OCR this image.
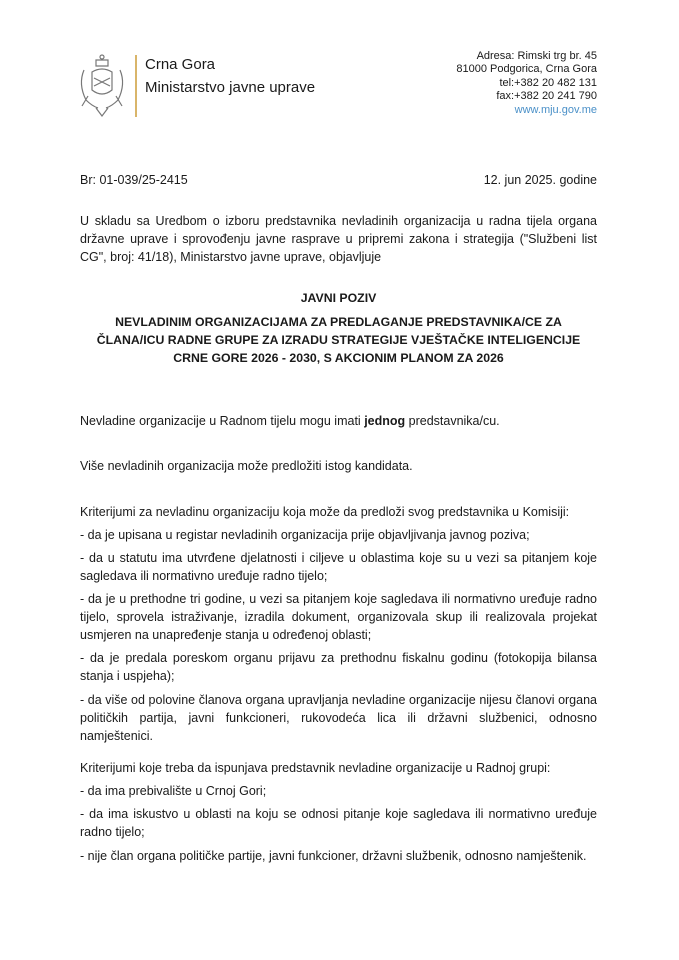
Crna Gora
Ministarstvo javne uprave
Adresa: Rimski trg br. 45
81000 Podgorica, Crna Gora
tel:+382 20 482 131
fax:+382 20 241 790
www.mju.gov.me
Br: 01-039/25-2415	12. jun 2025. godine

U skladu sa Uredbom o izboru predstavnika nevladinih organizacija u radna tijela organa državne uprave i sprovođenju javne rasprave u pripremi zakona i strategija ("Službeni list CG", broj: 41/18), Ministarstvo javne uprave, objavljuje

JAVNI POZIV
NEVLADINIM ORGANIZACIJAMA ZA PREDLAGANJE PREDSTAVNIKA/CE ZA ČLANA/ICU RADNE GRUPE ZA IZRADU STRATEGIJE VJEŠTAČKE INTELIGENCIJE CRNE GORE 2026 - 2030, S AKCIONIM PLANOM ZA 2026

Nevladine organizacije u Radnom tijelu mogu imati jednog predstavnika/cu.

Više nevladinih organizacija može predložiti istog kandidata.

Kriterijumi za nevladinu organizaciju koja može da predloži svog predstavnika u Komisiji:

- da je upisana u registar nevladinih organizacija prije objavljivanja javnog poziva;

- da u statutu ima utvrđene djelatnosti i ciljeve u oblastima koje su u vezi sa pitanjem koje sagledava ili normativno uređuje radno tijelo;

- da je u prethodne tri godine, u vezi sa pitanjem koje sagledava ili normativno uređuje radno tijelo, sprovela istraživanje, izradila dokument, organizovala skup ili realizovala projekat usmjeren na unapređenje stanja u određenoj oblasti;

- da je predala poreskom organu prijavu za prethodnu fiskalnu godinu (fotokopija bilansa stanja i uspjeha);

- da više od polovine članova organa upravljanja nevladine organizacije nijesu članovi organa političkih partija, javni funkcioneri, rukovodeća lica ili državni službenici, odnosno namještenici.

Kriterijumi koje treba da ispunjava predstavnik nevladine organizacije u Radnoj grupi:

- da ima prebivalište u Crnoj Gori;

- da ima iskustvo u oblasti na koju se odnosi pitanje koje sagledava ili normativno uređuje radno tijelo;

- nije član organa političke partije, javni funkcioner, državni službenik, odnosno namještenik.
